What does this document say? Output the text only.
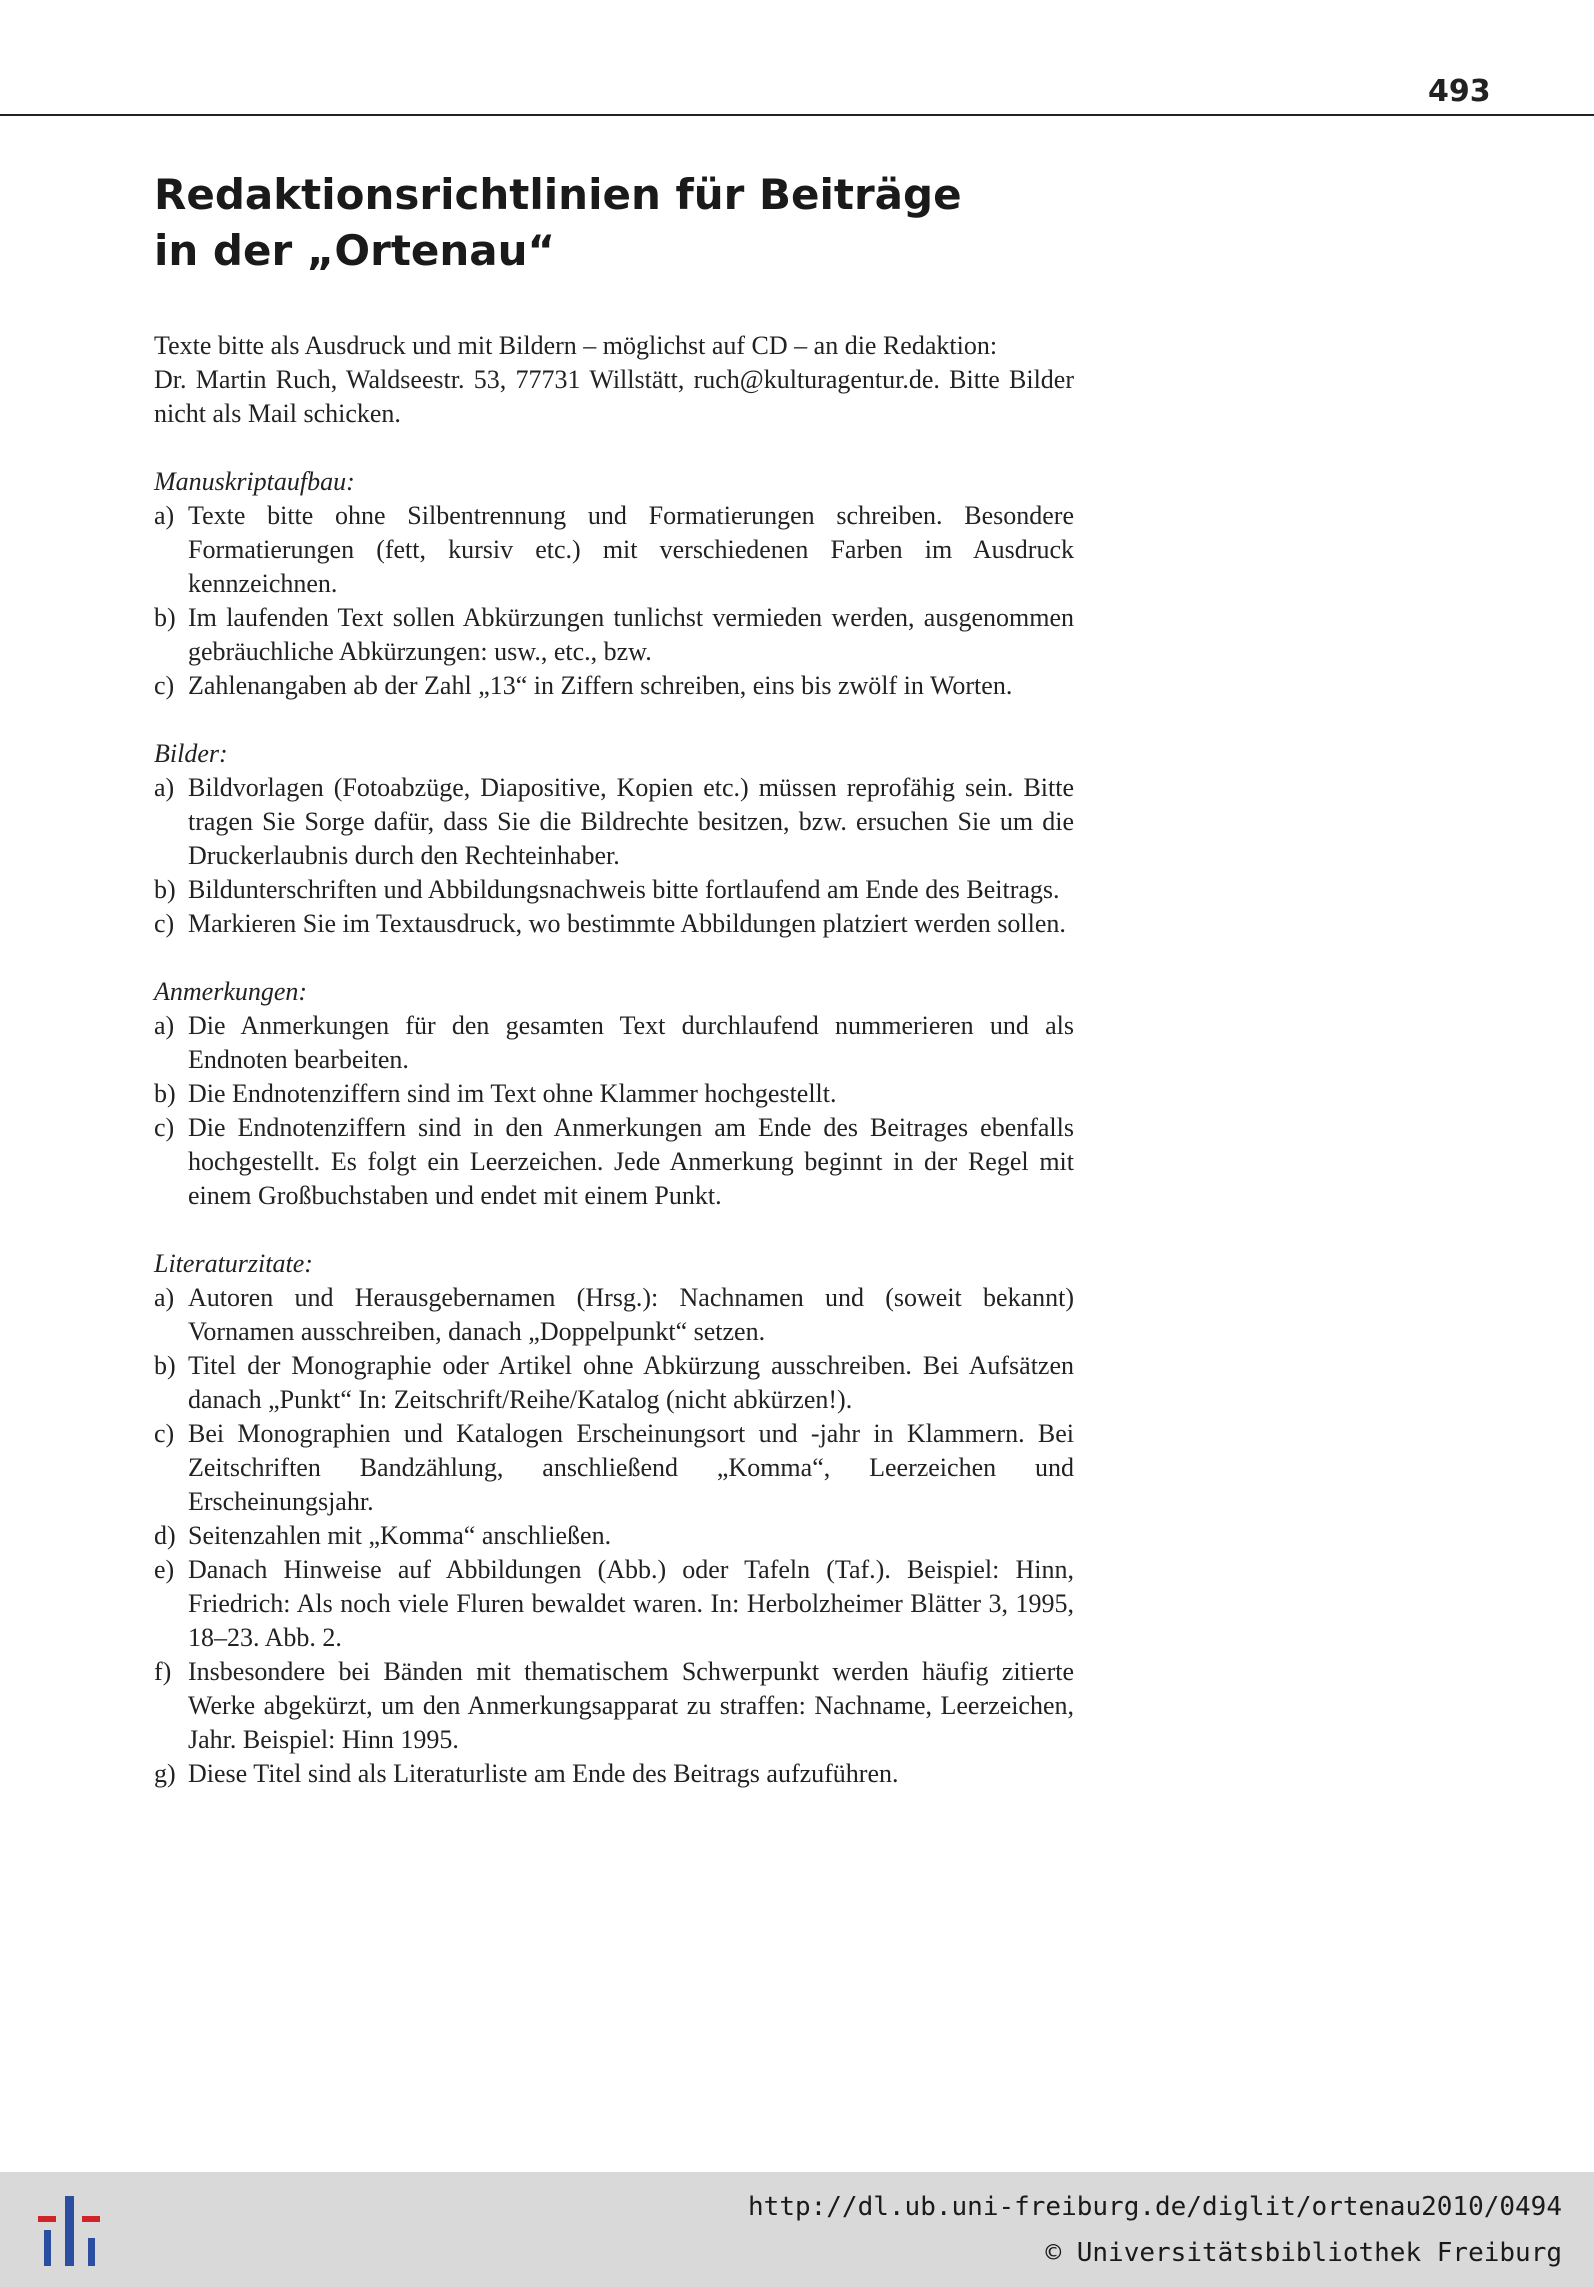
493
Redaktionsrichtlinien für Beiträge
in der „Ortenau“

Texte bitte als Ausdruck und mit Bildern – möglichst auf CD – an die Redaktion:

Dr. Martin Ruch, Waldseestr. 53, 77731 Willstätt, ruch@kulturagentur.de. Bitte Bilder nicht als Mail schicken.

Manuskriptaufbau:

a) Texte bitte ohne Silbentrennung und Formatierungen schreiben. Besondere Formatierungen (fett, kursiv etc.) mit verschiedenen Farben im Ausdruck kennzeichnen.
b) Im laufenden Text sollen Abkürzungen tunlichst vermieden werden, ausgenommen gebräuchliche Abkürzungen: usw., etc., bzw.
c) Zahlenangaben ab der Zahl „13“ in Ziffern schreiben, eins bis zwölf in Worten.

Bilder:

a) Bildvorlagen (Fotoabzüge, Diapositive, Kopien etc.) müssen reprofähig sein. Bitte tragen Sie Sorge dafür, dass Sie die Bildrechte besitzen, bzw. ersuchen Sie um die Druckerlaubnis durch den Rechteinhaber.
b) Bildunterschriften und Abbildungsnachweis bitte fortlaufend am Ende des Beitrags.
c) Markieren Sie im Textausdruck, wo bestimmte Abbildungen platziert werden sollen.

Anmerkungen:

a) Die Anmerkungen für den gesamten Text durchlaufend nummerieren und als Endnoten bearbeiten.
b) Die Endnotenziffern sind im Text ohne Klammer hochgestellt.
c) Die Endnotenziffern sind in den Anmerkungen am Ende des Beitrages ebenfalls hochgestellt. Es folgt ein Leerzeichen. Jede Anmerkung beginnt in der Regel mit einem Großbuchstaben und endet mit einem Punkt.

Literaturzitate:

a) Autoren und Herausgebernamen (Hrsg.): Nachnamen und (soweit bekannt) Vornamen ausschreiben, danach „Doppelpunkt“ setzen.
b) Titel der Monographie oder Artikel ohne Abkürzung ausschreiben. Bei Aufsätzen danach „Punkt“ In: Zeitschrift/Reihe/Katalog (nicht abkürzen!).
c) Bei Monographien und Katalogen Erscheinungsort und -jahr in Klammern. Bei Zeitschriften Bandzählung, anschließend „Komma“, Leerzeichen und Erscheinungsjahr.
d) Seitenzahlen mit „Komma“ anschließen.
e) Danach Hinweise auf Abbildungen (Abb.) oder Tafeln (Taf.). Beispiel: Hinn, Friedrich: Als noch viele Fluren bewaldet waren. In: Herbolzheimer Blätter 3, 1995, 18–23. Abb. 2.
f) Insbesondere bei Bänden mit thematischem Schwerpunkt werden häufig zitierte Werke abgekürzt, um den Anmerkungsapparat zu straffen: Nachname, Leerzeichen, Jahr. Beispiel: Hinn 1995.
g) Diese Titel sind als Literaturliste am Ende des Beitrags aufzuführen.
http://dl.ub.uni-freiburg.de/diglit/ortenau2010/0494
© Universitätsbibliothek Freiburg
